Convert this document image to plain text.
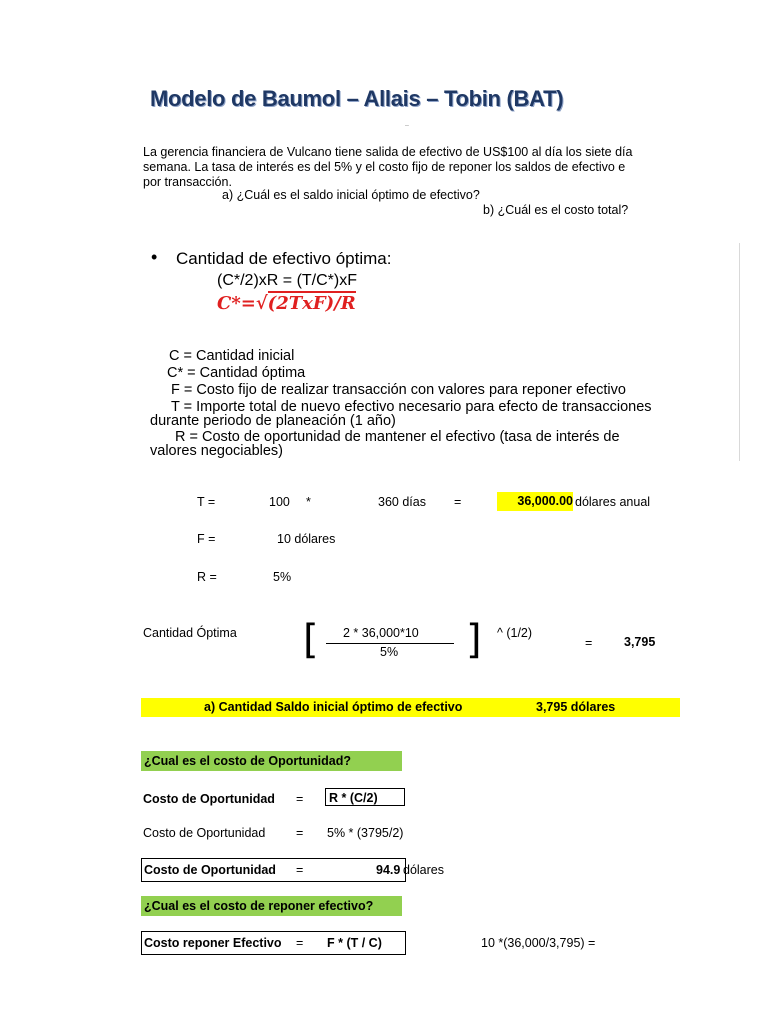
Modelo de Baumol – Allais – Tobin (BAT)
–
La gerencia financiera de Vulcano tiene salida de efectivo de US$100 al día los siete día
semana. La tasa de interés es del 5% y el costo fijo de reponer los saldos de efectivo e
por transacción.
a) ¿Cuál es el saldo inicial óptimo de efectivo?
b) ¿Cuál es el costo total?
• Cantidad de efectivo óptima:
(C*/2)xR = (T/C*)xF
C*=√(2TxF)/R
C = Cantidad inicial
C* = Cantidad óptima
F = Costo fijo de realizar transacción con valores para reponer efectivo
T = Importe total de nuevo efectivo necesario para efecto de transacciones
durante periodo de planeación (1 año)
R = Costo de oportunidad de mantener el efectivo (tasa de interés de
valores negociables)
T =	100 *	360 días =	36,000.00 dólares anual
F =	10 dólares
R =	5%
Cantidad Óptima [ 2 * 36,000*10
5% ] ^ (1/2)
=	3,795
a) Cantidad Saldo inicial óptimo de efectivo	3,795 dólares
¿Cual es el costo de Oportunidad?
Costo de Oportunidad =	R * (C/2)
Costo de Oportunidad = 5% * (3795/2)
Costo de Oportunidad =	94.9 dólares
¿Cual es el costo de reponer efectivo?
Costo reponer Efectivo = F * (T / C)	10 *(36,000/3,795) =
